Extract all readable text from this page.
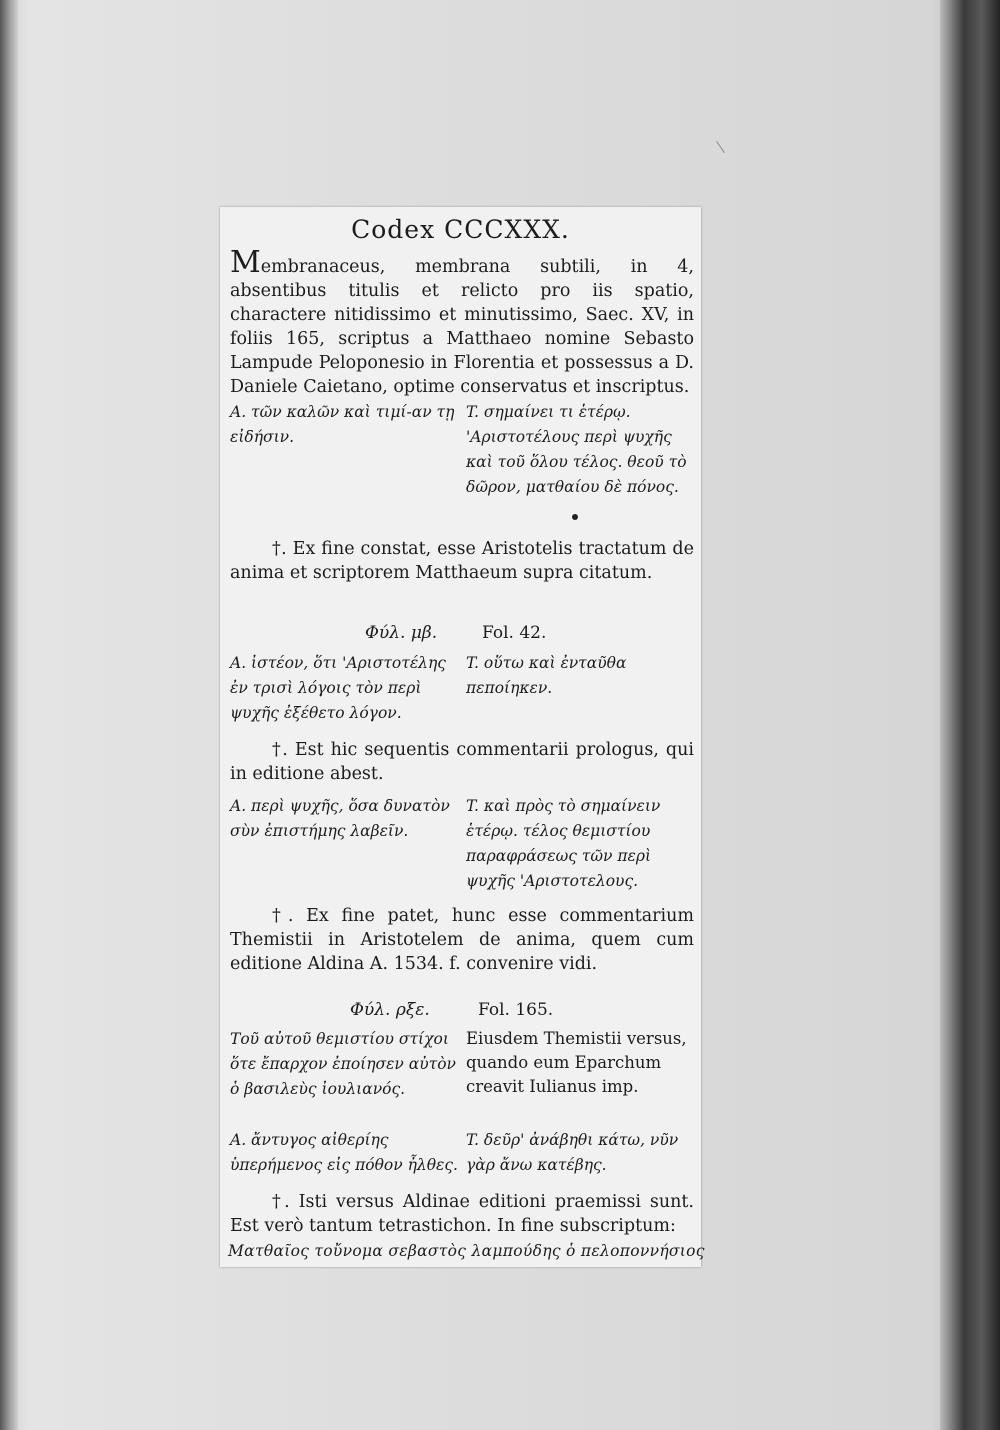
Codex CCCXXX.
Membranaceus, membrana subtili, in 4, absentibus titulis et relicto pro iis spatio, charactere nitidissimo et minutissimo, Saec. XV, in foliis 165, scriptus a Matthaeo nomine Sebasto Lampude Peloponesio in Florentia et possessus a D. Daniele Caietano, optime conservatus et inscriptus.
A. τῶν καλῶν καὶ τιμί-αν τῃ εἰδήσιν.
T. σημαίνει τι ἑτέρῳ. 'Αριστοτέλους περὶ ψυχῆς καὶ τοῦ ὅλου τέλος. θεοῦ τὸ δῶρον, ματθαίου δὲ πόνος.
†. Ex fine constat, esse Aristotelis tractatum de anima et scriptorem Matthaeum supra citatum.
Φύλ. μβ.	Fol. 42.
A. ἰστέον, ὅτι 'Αριστοτέλης ἐν τρισὶ λόγοις τὸν περὶ ψυχῆς ἐξέθετο λόγον.
T. οὕτω καὶ ἐνταῦθα πεποίηκεν.
†. Est hic sequentis commentarii prologus, qui in editione abest.
A. περὶ ψυχῆς, ὅσα δυνατὸν σὺν ἐπιστήμης λαβεῖν.
T. καὶ πρὸς τὸ σημαίνειν ἑτέρῳ. τέλος θεμιστίου παραφράσεως τῶν περὶ ψυχῆς 'Αριστοτελους.
†. Ex fine patet, hunc esse commentarium Themistii in Aristotelem de anima, quem cum editione Aldina A. 1534. f. convenire vidi.
Φύλ. ρξε.	Fol. 165.
Τοῦ αὐτοῦ θεμιστίου στίχοι ὅτε ἔπαρχον ἐποίησεν αὐτὸν ὁ βασιλεὺς ἰουλιανός.
Eiusdem Themistii versus, quando eum Eparchum creavit Iulianus imp.
A. ἄντυγος αἰθερίης ὑπερήμενος εἰς πόθον ἦλθες.
T. δεῦρ' ἀνάβηθι κάτω, νῦν γὰρ ἄνω κατέβης.
†. Isti versus Aldinae editioni praemissi sunt. Est verò tantum tetrastichon. In fine subscriptum:
Ματθαῖος τοὔνομα σεβαστὸς λαμπούδης ὁ πελοποννήσιος
